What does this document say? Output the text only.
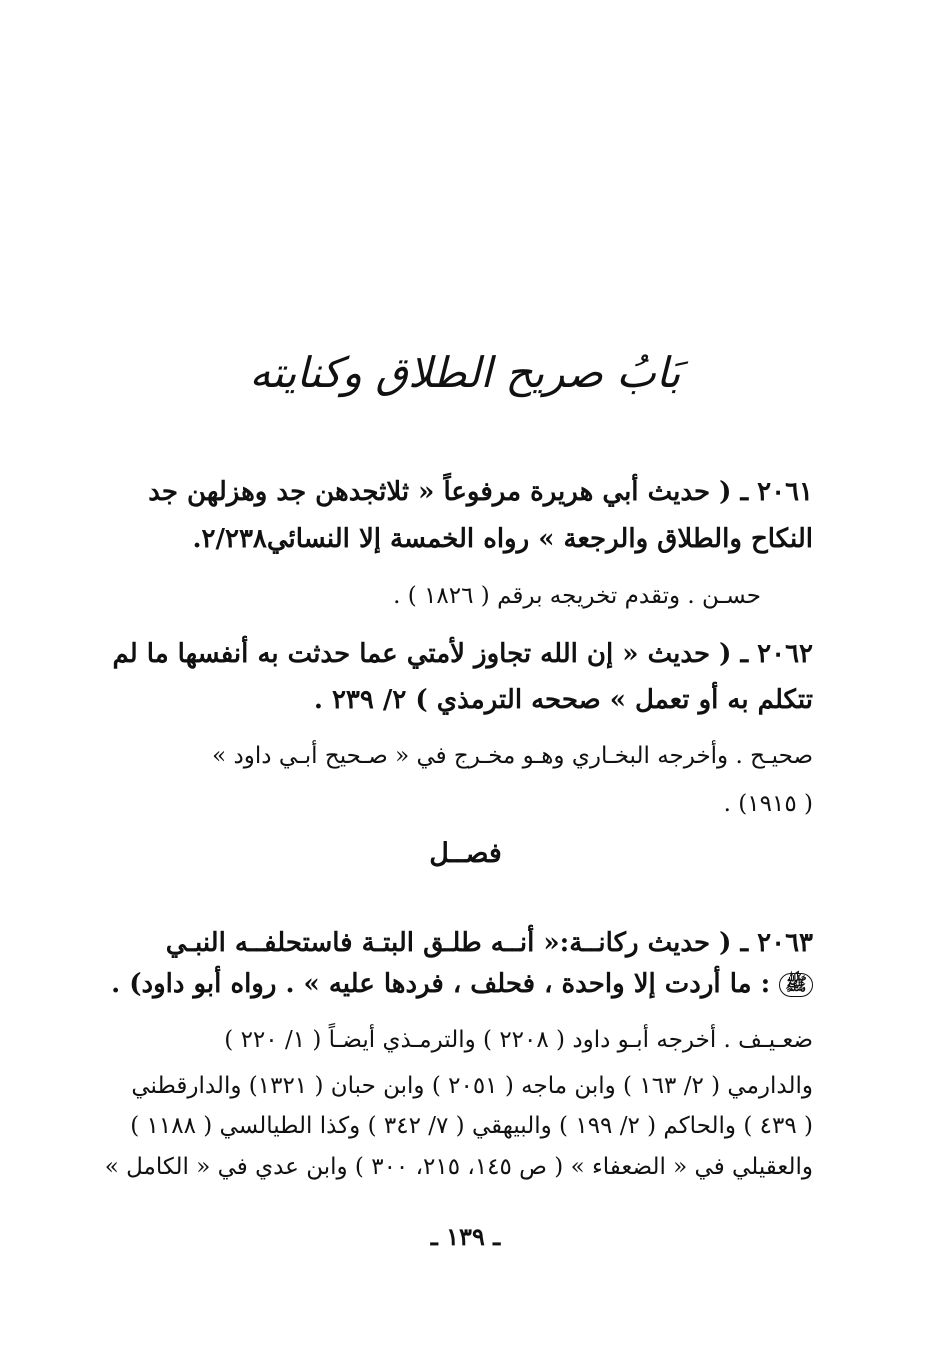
بَابُ صريح الطلاق وكنايته
٢٠٦١ ـ ( حديث أبي هريرة مرفوعاً « ثلاثجدهن جد وهزلهن جد
النكاح والطلاق والرجعة » رواه الخمسة إلا النسائي٢/٢٣٨.
حسـن . وتقدم تخريجه برقم ( ١٨٢٦ ) .
٢٠٦٢ ـ ( حديث « إن الله تجاوز لأمتي عما حدثت به أنفسها ما لم
تتكلم به أو تعمل » صححه الترمذي ) ٢/ ٢٣٩ .
صحيـح . وأخرجه البخـاري وهـو مخـرج في « صـحيح أبـي داود »
( ١٩١٥) .
فصــل
٢٠٦٣ ـ ( حديث ركانــة:« أنــه طلـق البتـة فاستحلفــه النبـي
ﷺ : ما أردت إلا واحدة ، فحلف ، فردها عليه » . رواه أبو داود) .
ضعـيـف . أخرجه أبـو داود ( ٢٢٠٨ ) والترمـذي أيضـاً ( ١/ ٢٢٠ )
والدارمي ( ٢/ ١٦٣ ) وابن ماجه ( ٢٠٥١ ) وابن حبان ( ١٣٢١) والدارقطني
( ٤٣٩ ) والحاكم ( ٢/ ١٩٩ ) والبيهقي ( ٧/ ٣٤٢ ) وكذا الطيالسي ( ١١٨٨ )
والعقيلي في « الضعفاء » ( ص ١٤٥، ٢١٥، ٣٠٠ ) وابن عدي في « الكامل »
ـ ١٣٩ ـ
